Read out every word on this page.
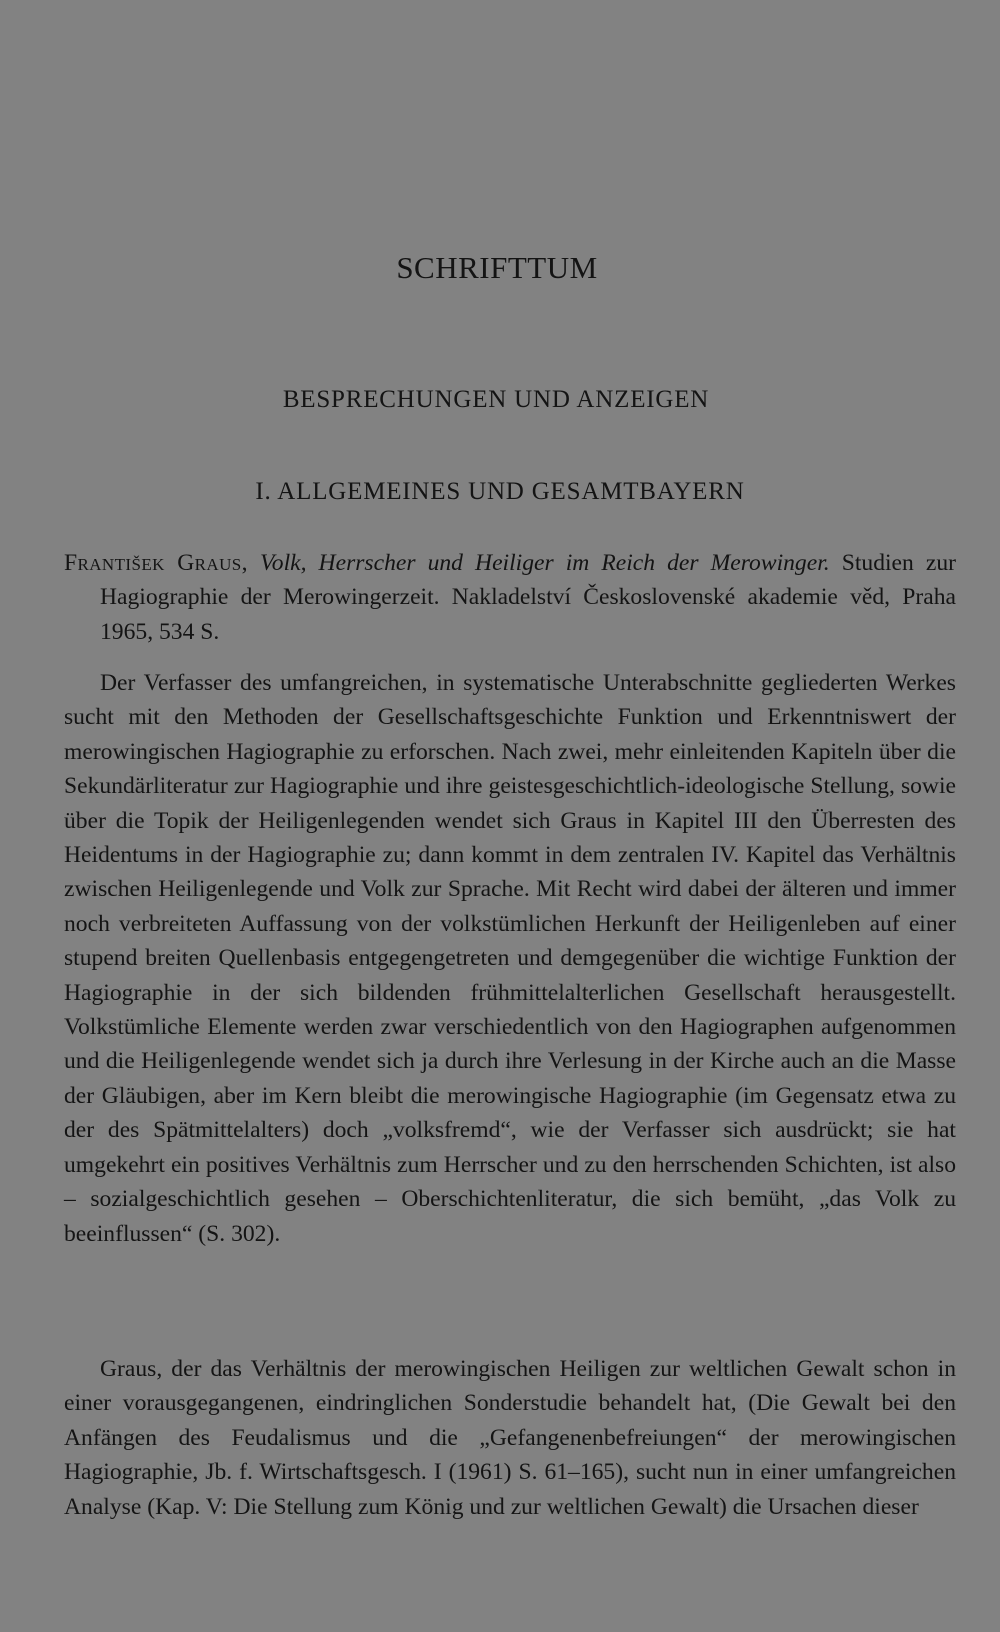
SCHRIFTTUM
BESPRECHUNGEN UND ANZEIGEN
I. ALLGEMEINES UND GESAMTBAYERN
František Graus, Volk, Herrscher und Heiliger im Reich der Merowinger. Studien zur Hagiographie der Merowingerzeit. Nakladelství Československé akademie věd, Praha 1965, 534 S.

Der Verfasser des umfangreichen, in systematische Unterabschnitte gegliederten Werkes sucht mit den Methoden der Gesellschaftsgeschichte Funktion und Erkenntniswert der merowingischen Hagiographie zu erforschen. Nach zwei, mehr einleitenden Kapiteln über die Sekundärliteratur zur Hagiographie und ihre geistesgeschichtlich-ideologische Stellung, sowie über die Topik der Heiligenlegenden wendet sich Graus in Kapitel III den Überresten des Heidentums in der Hagiographie zu; dann kommt in dem zentralen IV. Kapitel das Verhältnis zwischen Heiligenlegende und Volk zur Sprache. Mit Recht wird dabei der älteren und immer noch verbreiteten Auffassung von der volkstümlichen Herkunft der Heiligenleben auf einer stupend breiten Quellenbasis entgegengetreten und demgegenüber die wichtige Funktion der Hagiographie in der sich bildenden frühmittelalterlichen Gesellschaft herausgestellt. Volkstümliche Elemente werden zwar verschiedentlich von den Hagiographen aufgenommen und die Heiligenlegende wendet sich ja durch ihre Verlesung in der Kirche auch an die Masse der Gläubigen, aber im Kern bleibt die merowingische Hagiographie (im Gegensatz etwa zu der des Spätmittelalters) doch „volksfremd“, wie der Verfasser sich ausdrückt; sie hat umgekehrt ein positives Verhältnis zum Herrscher und zu den herrschenden Schichten, ist also – sozialgeschichtlich gesehen – Oberschichtenliteratur, die sich bemüht, „das Volk zu beeinflussen“ (S. 302).

Graus, der das Verhältnis der merowingischen Heiligen zur weltlichen Gewalt schon in einer vorausgegangenen, eindringlichen Sonderstudie behandelt hat, (Die Gewalt bei den Anfängen des Feudalismus und die „Gefangenenbefreiungen“ der merowingischen Hagiographie, Jb. f. Wirtschaftsgesch. I (1961) S. 61–165), sucht nun in einer umfangreichen Analyse (Kap. V: Die Stellung zum König und zur weltlichen Gewalt) die Ursachen dieser
